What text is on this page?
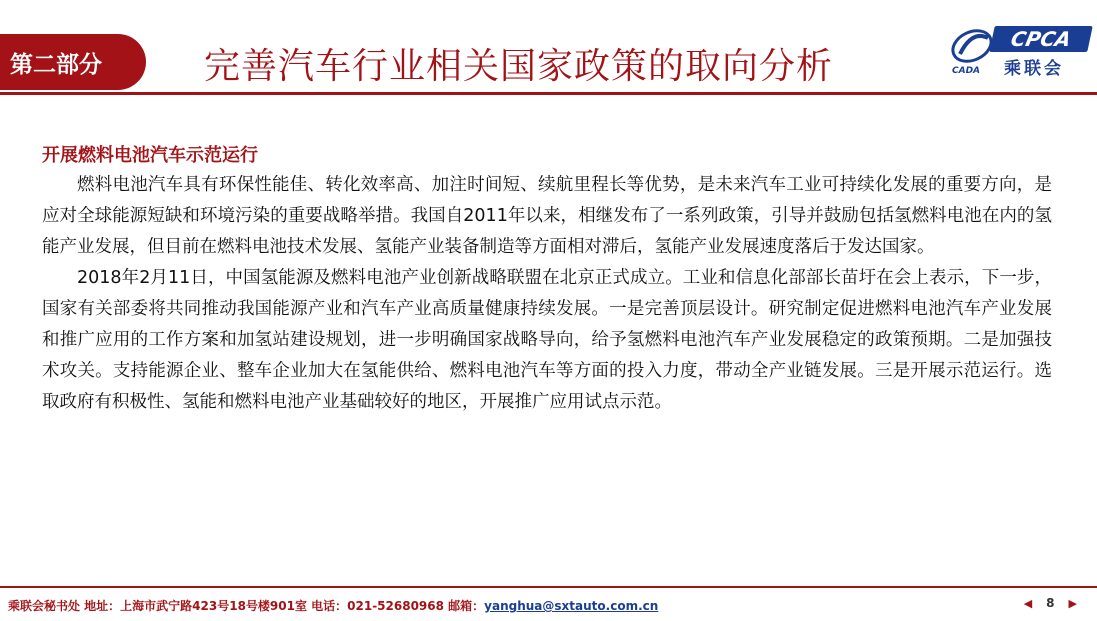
第二部分	完善汽车行业相关国家政策的取向分析	CADA
CPCA
乘联会

开展燃料电池汽车示范运行

燃料电池汽车具有环保性能佳、转化效率高、加注时间短、续航里程长等优势，是未来汽车工业可持续化发展的重要方向，是应对全球能源短缺和环境污染的重要战略举措。我国自2011年以来，相继发布了一系列政策，引导并鼓励包括氢燃料电池在内的氢能产业发展，但目前在燃料电池技术发展、氢能产业装备制造等方面相对滞后，氢能产业发展速度落后于发达国家。

2018年2月11日，中国氢能源及燃料电池产业创新战略联盟在北京正式成立。工业和信息化部部长苗圩在会上表示，下一步，国家有关部委将共同推动我国能源产业和汽车产业高质量健康持续发展。一是完善顶层设计。研究制定促进燃料电池汽车产业发展和推广应用的工作方案和加氢站建设规划，进一步明确国家战略导向，给予氢燃料电池汽车产业发展稳定的政策预期。二是加强技术攻关。支持能源企业、整车企业加大在氢能供给、燃料电池汽车等方面的投入力度，带动全产业链发展。三是开展示范运行。选取政府有积极性、氢能和燃料电池产业基础较好的地区，开展推广应用试点示范。

乘联会秘书处 地址：上海市武宁路423号18号楼901室 电话：021-52680968 邮箱：yanghua@sxtauto.com.cn	◀ 8 ▶
